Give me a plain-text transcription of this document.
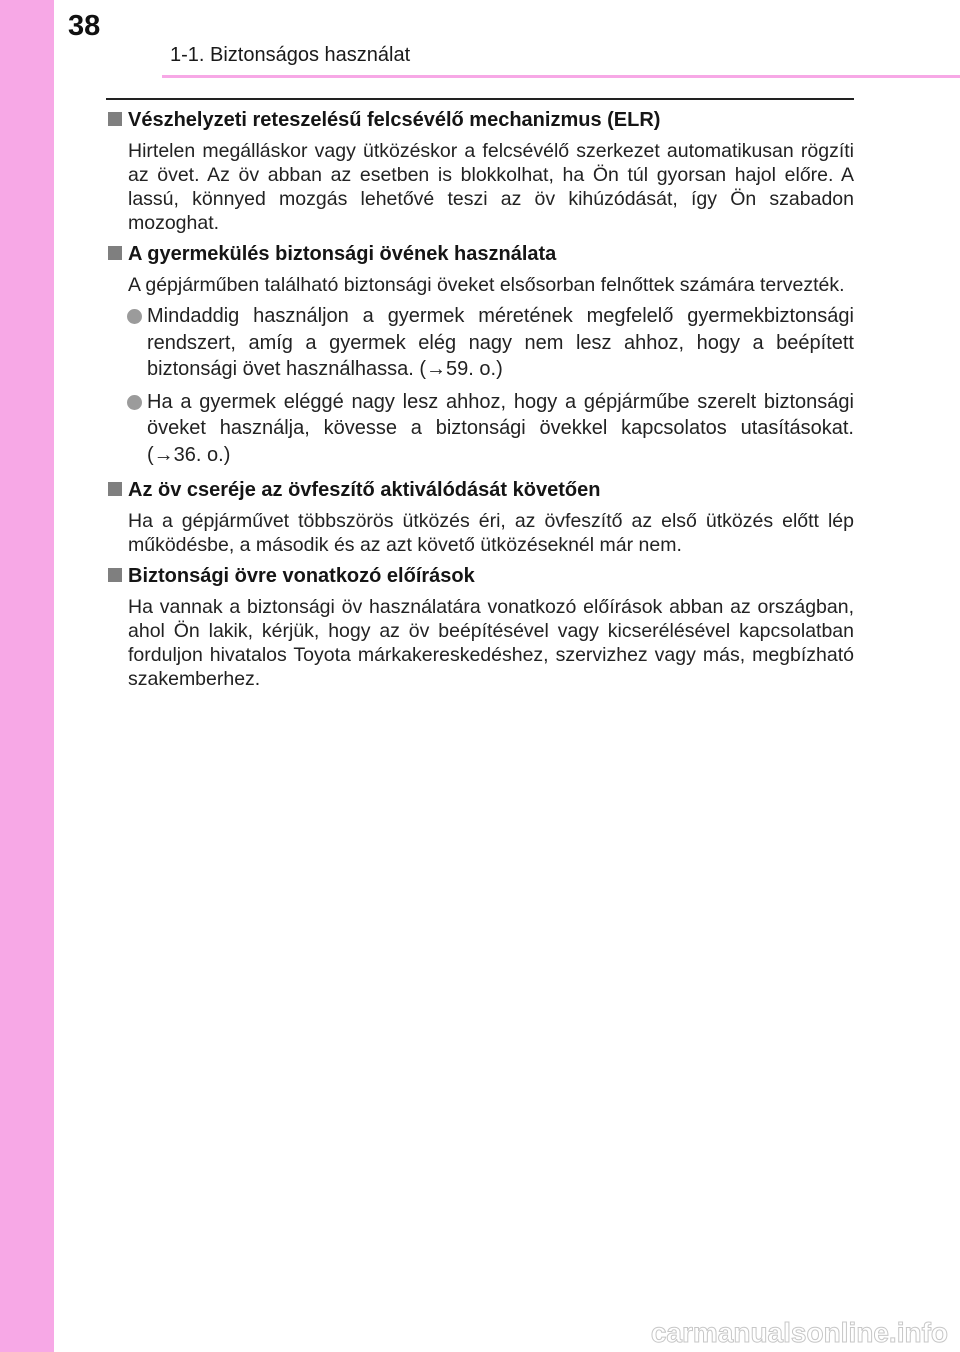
38
1-1. Biztonságos használat
Vészhelyzeti reteszelésű felcsévélő mechanizmus (ELR)

Hirtelen megálláskor vagy ütközéskor a felcsévélő szerkezet automatikusan rögzíti az övet. Az öv abban az esetben is blokkolhat, ha Ön túl gyorsan hajol előre. A lassú, könnyed mozgás lehetővé teszi az öv kihúzódását, így Ön szabadon mozoghat.

A gyermekülés biztonsági övének használata

A gépjárműben található biztonsági öveket elsősorban felnőttek számára tervezték.

Mindaddig használjon a gyermek méretének megfelelő gyermekbiztonsági rendszert, amíg a gyermek elég nagy nem lesz ahhoz, hogy a beépített biztonsági övet használhassa. (→59. o.)
Ha a gyermek eléggé nagy lesz ahhoz, hogy a gépjárműbe szerelt biztonsági öveket használja, kövesse a biztonsági övekkel kapcsolatos utasításokat. (→36. o.)
Az öv cseréje az övfeszítő aktiválódását követően

Ha a gépjárművet többszörös ütközés éri, az övfeszítő az első ütközés előtt lép működésbe, a második és az azt követő ütközéseknél már nem.

Biztonsági övre vonatkozó előírások

Ha vannak a biztonsági öv használatára vonatkozó előírások abban az országban, ahol Ön lakik, kérjük, hogy az öv beépítésével vagy kicserélésével kapcsolatban forduljon hivatalos Toyota márkakereskedéshez, szervizhez vagy más, megbízható szakemberhez.

carmanualsonline.info
